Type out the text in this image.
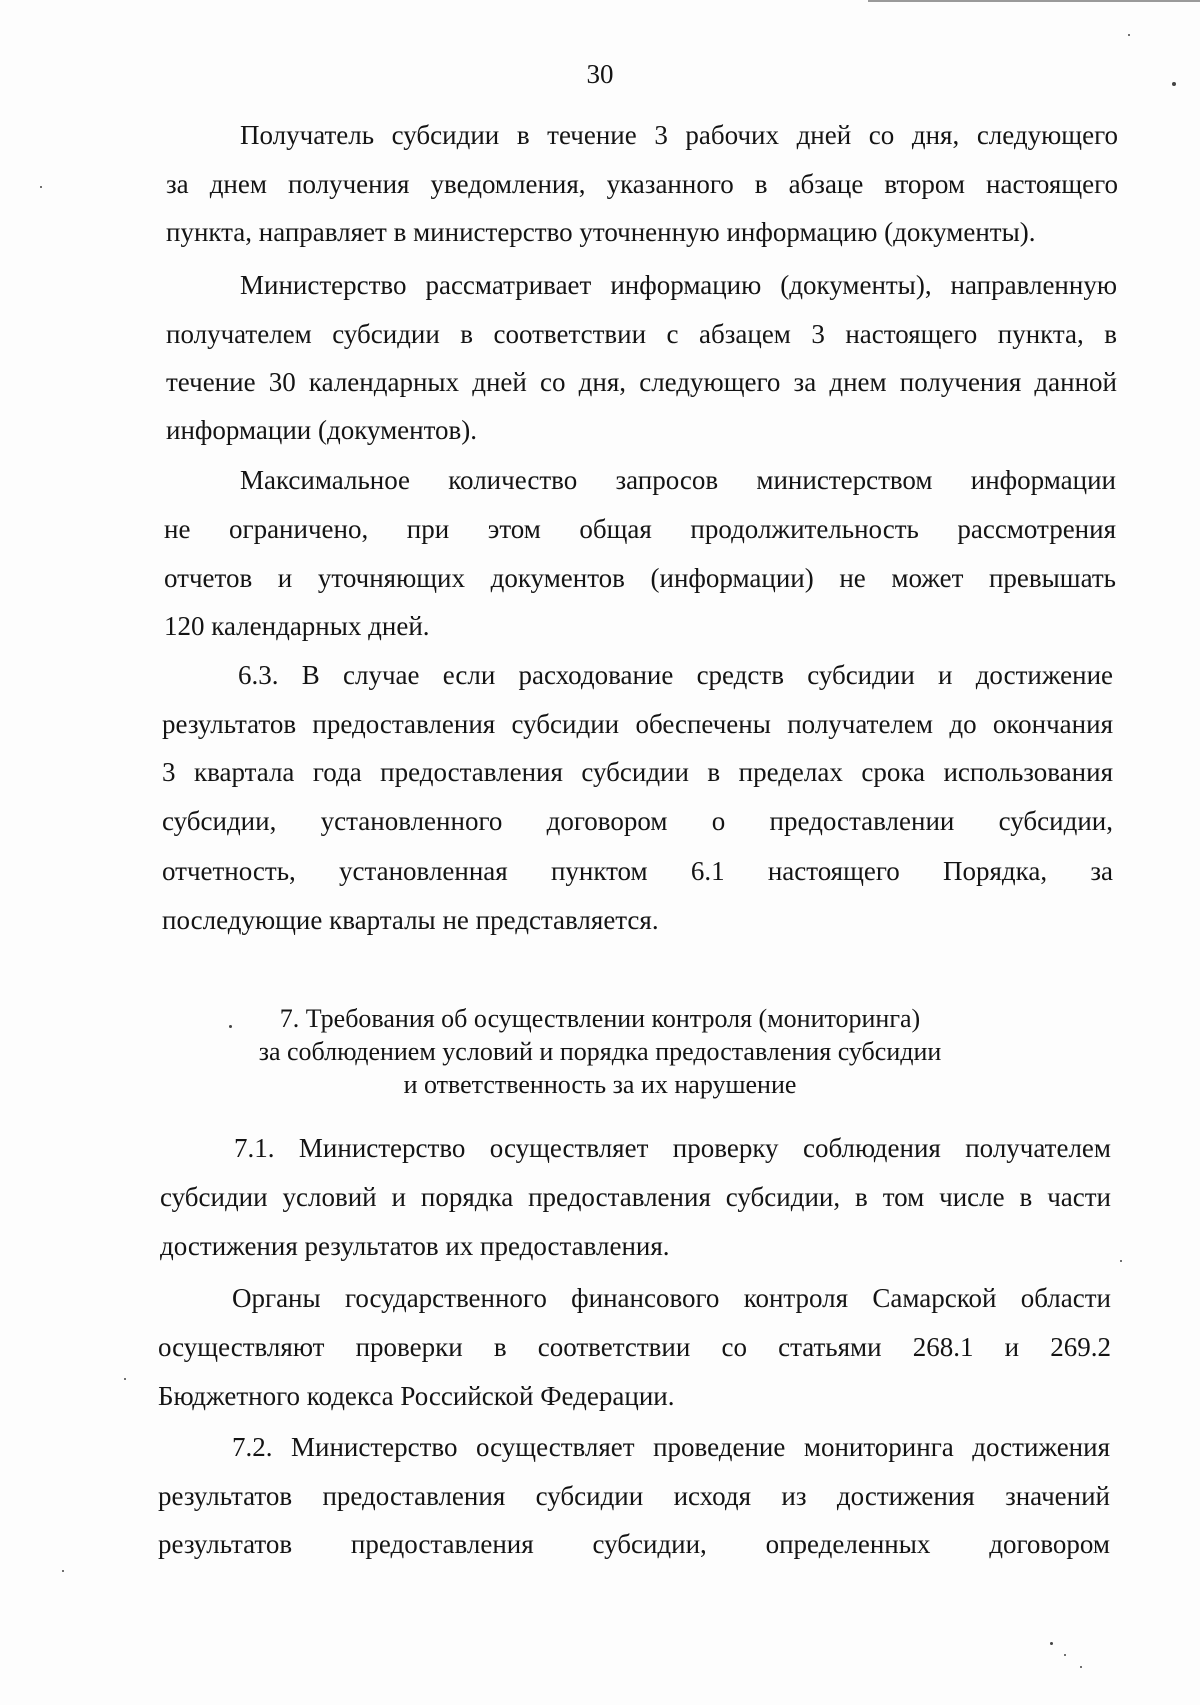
30
Получатель субсидии в течение 3 рабочих дней со дня, следующего
за днем получения уведомления, указанного в абзаце втором настоящего
пункта, направляет в министерство уточненную информацию (документы).
Министерство рассматривает информацию (документы), направленную
получателем субсидии в соответствии с абзацем 3 настоящего пункта, в
течение 30 календарных дней со дня, следующего за днем получения данной
информации (документов).
Максимальное количество запросов министерством информации
не ограничено, при этом общая продолжительность рассмотрения
отчетов и уточняющих документов (информации) не может превышать
120 календарных дней.
6.3. В случае если расходование средств субсидии и достижение
результатов предоставления субсидии обеспечены получателем до окончания
3 квартала года предоставления субсидии в пределах срока использования
субсидии, установленного договором о предоставлении субсидии,
отчетность, установленная пунктом 6.1 настоящего Порядка, за
последующие кварталы не представляется.
7. Требования об осуществлении контроля (мониторинга)
за соблюдением условий и порядка предоставления субсидии
и ответственность за их нарушение
7.1. Министерство осуществляет проверку соблюдения получателем
субсидии условий и порядка предоставления субсидии, в том числе в части
достижения результатов их предоставления.
Органы государственного финансового контроля Самарской области
осуществляют проверки в соответствии со статьями 268.1 и 269.2
Бюджетного кодекса Российской Федерации.
7.2. Министерство осуществляет проведение мониторинга достижения
результатов предоставления субсидии исходя из достижения значений
результатов предоставления субсидии, определенных договором
